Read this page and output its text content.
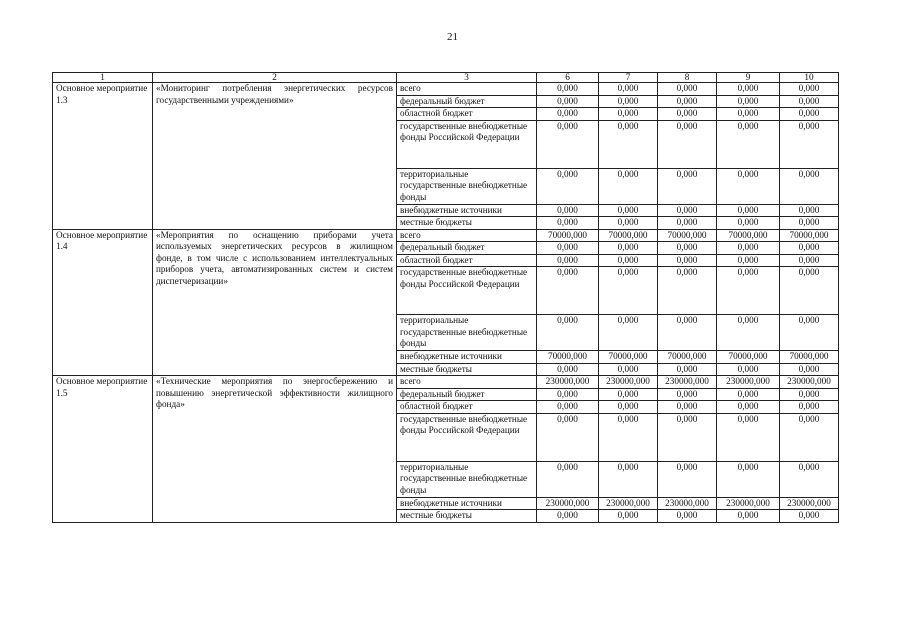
21
1	2	3	6	7	8	9	10
Основное мероприятие 1.3	«Мониторинг потребления энергетических ресурсов государственными учреждениями»	всего	0,000	0,000	0,000	0,000	0,000
		федеральный бюджет	0,000	0,000	0,000	0,000	0,000
		областной бюджет	0,000	0,000	0,000	0,000	0,000
		государственные внебюджетные фонды Российской Федерации	0,000	0,000	0,000	0,000	0,000
		территориальные государственные внебюджетные фонды	0,000	0,000	0,000	0,000	0,000
		внебюджетные источники	0,000	0,000	0,000	0,000	0,000
		местные бюджеты	0,000	0,000	0,000	0,000	0,000
Основное мероприятие 1.4	«Мероприятия по оснащению приборами учета используемых энергетических ресурсов в жилищном фонде, в том числе с использованием интеллектуальных приборов учета, автоматизированных систем и систем диспетчеризации»	всего	70000,000	70000,000	70000,000	70000,000	70000,000
		федеральный бюджет	0,000	0,000	0,000	0,000	0,000
		областной бюджет	0,000	0,000	0,000	0,000	0,000
		государственные внебюджетные фонды Российской Федерации	0,000	0,000	0,000	0,000	0,000
		территориальные государственные внебюджетные фонды	0,000	0,000	0,000	0,000	0,000
		внебюджетные источники	70000,000	70000,000	70000,000	70000,000	70000,000
		местные бюджеты	0,000	0,000	0,000	0,000	0,000
Основное мероприятие 1.5	«Технические мероприятия по энергосбережению и повышению энергетической эффективности жилищного фонда»	всего	230000,000	230000,000	230000,000	230000,000	230000,000
		федеральный бюджет	0,000	0,000	0,000	0,000	0,000
		областной бюджет	0,000	0,000	0,000	0,000	0,000
		государственные внебюджетные фонды Российской Федерации	0,000	0,000	0,000	0,000	0,000
		территориальные государственные внебюджетные фонды	0,000	0,000	0,000	0,000	0,000
		внебюджетные источники	230000,000	230000,000	230000,000	230000,000	230000,000
		местные бюджеты	0,000	0,000	0,000	0,000	0,000
